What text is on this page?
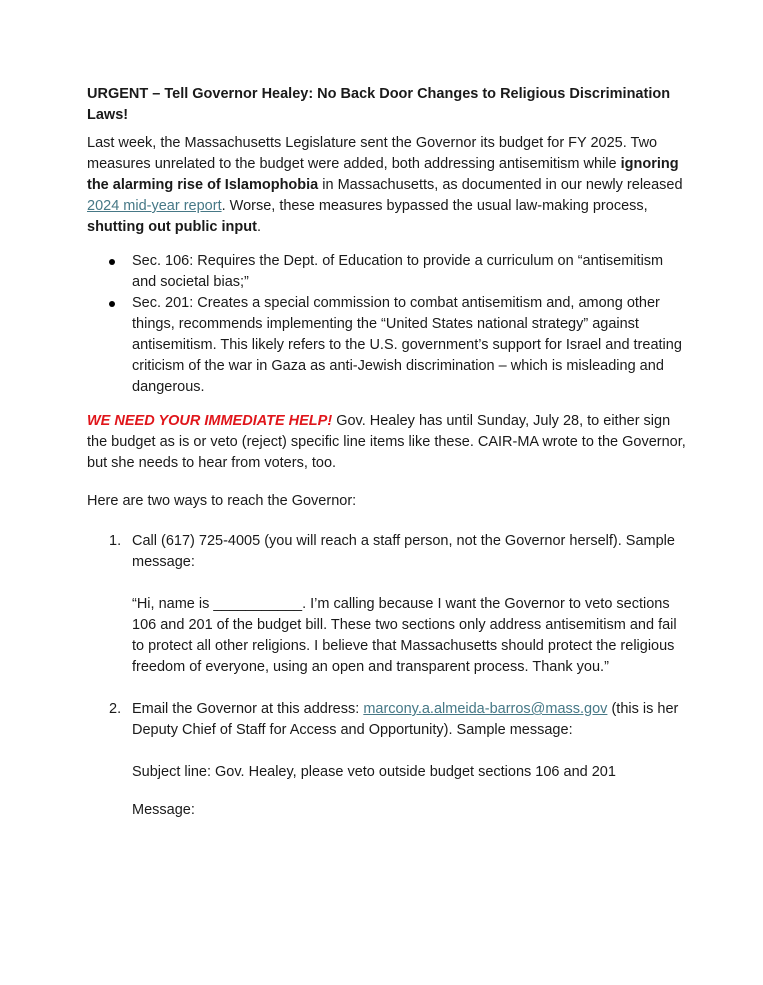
URGENT – Tell Governor Healey: No Back Door Changes to Religious Discrimination Laws!

Last week, the Massachusetts Legislature sent the Governor its budget for FY 2025. Two measures unrelated to the budget were added, both addressing antisemitism while ignoring the alarming rise of Islamophobia in Massachusetts, as documented in our newly released 2024 mid-year report. Worse, these measures bypassed the usual law-making process, shutting out public input.

Sec. 106: Requires the Dept. of Education to provide a curriculum on “antisemitism and societal bias;”
Sec. 201: Creates a special commission to combat antisemitism and, among other things, recommends implementing the “United States national strategy” against antisemitism. This likely refers to the U.S. government’s support for Israel and treating criticism of the war in Gaza as anti-Jewish discrimination – which is misleading and dangerous.

WE NEED YOUR IMMEDIATE HELP! Gov. Healey has until Sunday, July 28, to either sign the budget as is or veto (reject) specific line items like these. CAIR-MA wrote to the Governor, but she needs to hear from voters, too.

Here are two ways to reach the Governor:

1. Call (617) 725-4005 (you will reach a staff person, not the Governor herself). Sample message:

“Hi, name is ___________. I’m calling because I want the Governor to veto sections 106 and 201 of the budget bill. These two sections only address antisemitism and fail to protect all other religions. I believe that Massachusetts should protect the religious freedom of everyone, using an open and transparent process. Thank you.”

2. Email the Governor at this address: marcony.a.almeida-barros@mass.gov (this is her Deputy Chief of Staff for Access and Opportunity). Sample message:

Subject line: Gov. Healey, please veto outside budget sections 106 and 201

Message:
